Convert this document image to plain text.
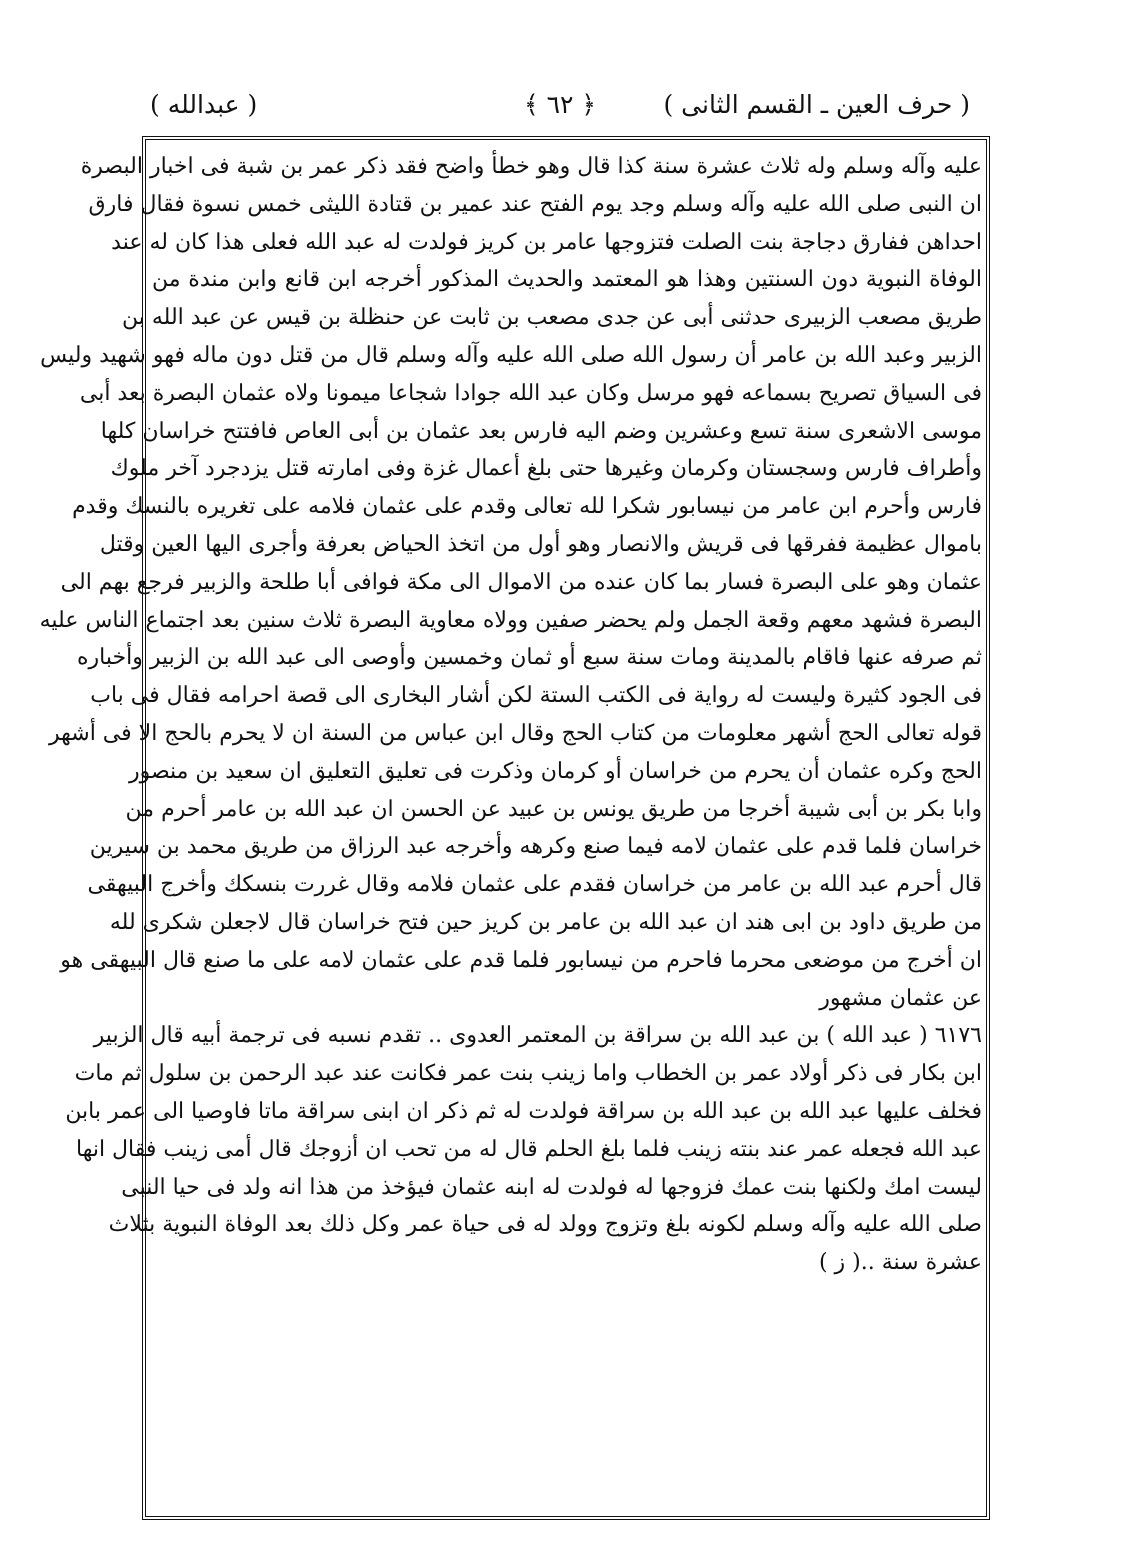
( حرف العين ـ القسم الثانى )
﴿ ٦٢ ﴾
( عبدالله )
عليه وآله وسلم وله ثلاث عشرة سنة كذا قال وهو خطأ واضح فقد ذكر عمر بن شبة فى اخبار البصرة
ان النبى صلى الله عليه وآله وسلم وجد يوم الفتح عند عمير بن قتادة الليثى خمس نسوة فقال فارق
احداهن ففارق دجاجة بنت الصلت فتزوجها عامر بن كريز فولدت له عبد الله فعلى هذا كان له عند
الوفاة النبوية دون السنتين وهذا هو المعتمد والحديث المذكور أخرجه ابن قانع وابن مندة من
طريق مصعب الزبيرى حدثنى أبى عن جدى مصعب بن ثابت عن حنظلة بن قيس عن عبد الله بن
الزبير وعبد الله بن عامر أن رسول الله صلى الله عليه وآله وسلم قال من قتل دون ماله فهو شهيد وليس
فى السياق تصريح بسماعه فهو مرسل وكان عبد الله جوادا شجاعا ميمونا ولاه عثمان البصرة بعد أبى
موسى الاشعرى سنة تسع وعشرين وضم اليه فارس بعد عثمان بن أبى العاص فافتتح خراسان كلها
وأطراف فارس وسجستان وكرمان وغيرها حتى بلغ أعمال غزة وفى امارته قتل يزدجرد آخر ملوك
فارس وأحرم ابن عامر من نيسابور شكرا لله تعالى وقدم على عثمان فلامه على تغريره بالنسك وقدم
باموال عظيمة ففرقها فى قريش والانصار وهو أول من اتخذ الحياض بعرفة وأجرى اليها العين وقتل
عثمان وهو على البصرة فسار بما كان عنده من الاموال الى مكة فوافى أبا طلحة والزبير فرجع بهم الى
البصرة فشهد معهم وقعة الجمل ولم يحضر صفين وولاه معاوية البصرة ثلاث سنين بعد اجتماع الناس عليه
ثم صرفه عنها فاقام بالمدينة ومات سنة سبع أو ثمان وخمسين وأوصى الى عبد الله بن الزبير وأخباره
فى الجود كثيرة وليست له رواية فى الكتب الستة لكن أشار البخارى الى قصة احرامه فقال فى باب
قوله تعالى الحج أشهر معلومات من كتاب الحج وقال ابن عباس من السنة ان لا يحرم بالحج الا فى أشهر
الحج وكره عثمان أن يحرم من خراسان أو كرمان وذكرت فى تعليق التعليق ان سعيد بن منصور
وابا بكر بن أبى شيبة أخرجا من طريق يونس بن عبيد عن الحسن ان عبد الله بن عامر أحرم من
خراسان فلما قدم على عثمان لامه فيما صنع وكرهه وأخرجه عبد الرزاق من طريق محمد بن سيرين
قال أحرم عبد الله بن عامر من خراسان فقدم على عثمان فلامه وقال غررت بنسكك وأخرج البيهقى
من طريق داود بن ابى هند ان عبد الله بن عامر بن كريز حين فتح خراسان قال لاجعلن شكرى لله
ان أخرج من موضعى محرما فاحرم من نيسابور فلما قدم على عثمان لامه على ما صنع قال البيهقى هو
عن عثمان مشهور
٦١٧٦ ( عبد الله ) بن عبد الله بن سراقة بن المعتمر العدوى .. تقدم نسبه فى ترجمة أبيه قال الزبير
ابن بكار فى ذكر أولاد عمر بن الخطاب واما زينب بنت عمر فكانت عند عبد الرحمن بن سلول ثم مات
فخلف عليها عبد الله بن عبد الله بن سراقة فولدت له ثم ذكر ان ابنى سراقة ماتا فاوصيا الى عمر بابن
عبد الله فجعله عمر عند بنته زينب فلما بلغ الحلم قال له من تحب ان أزوجك قال أمى زينب فقال انها
ليست امك ولكنها بنت عمك فزوجها له فولدت له ابنه عثمان فيؤخذ من هذا انه ولد فى حيا النبى
صلى الله عليه وآله وسلم لكونه بلغ وتزوج وولد له فى حياة عمر وكل ذلك بعد الوفاة النبوية بثلاث
عشرة سنة ..( ز )
